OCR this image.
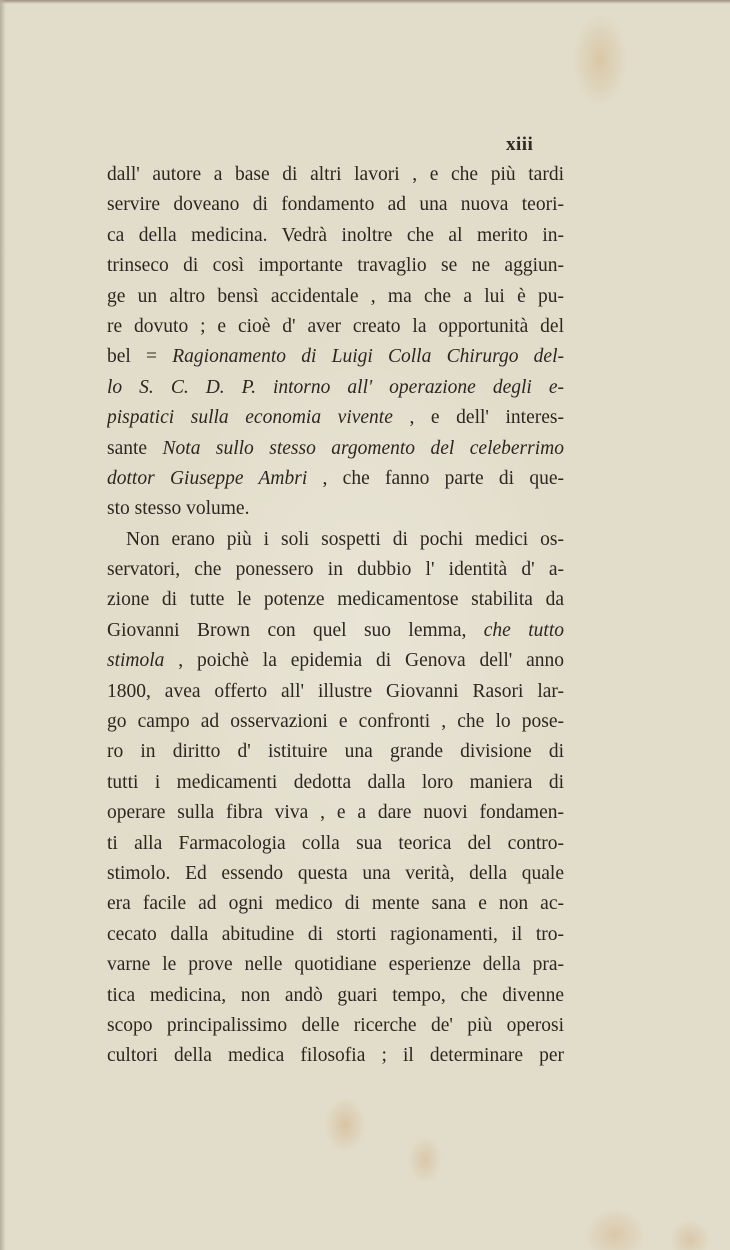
xiii
dall' autore a base di altri lavori , e che più tardi
servire doveano di fondamento ad una nuova teori-
ca della medicina. Vedrà inoltre che al merito in-
trinseco di così importante travaglio se ne aggiun-
ge un altro bensì accidentale , ma che a lui è pu-
re dovuto ; e cioè d' aver creato la opportunità del
bel = Ragionamento di Luigi Colla Chirurgo del-
lo S. C. D. P. intorno all' operazione degli e-
pispatici sulla economia vivente , e dell' interes-
sante Nota sullo stesso argomento del celeberrimo
dottor Giuseppe Ambri , che fanno parte di que-
sto stesso volume.
Non erano più i soli sospetti di pochi medici os-
servatori, che ponessero in dubbio l' identità d' a-
zione di tutte le potenze medicamentose stabilita da
Giovanni Brown con quel suo lemma, che tutto
stimola , poichè la epidemia di Genova dell' anno
1800, avea offerto all' illustre Giovanni Rasori lar-
go campo ad osservazioni e confronti , che lo pose-
ro in diritto d' istituire una grande divisione di
tutti i medicamenti dedotta dalla loro maniera di
operare sulla fibra viva , e a dare nuovi fondamen-
ti alla Farmacologia colla sua teorica del contro-
stimolo. Ed essendo questa una verità, della quale
era facile ad ogni medico di mente sana e non ac-
cecato dalla abitudine di storti ragionamenti, il tro-
varne le prove nelle quotidiane esperienze della pra-
tica medicina, non andò guari tempo, che divenne
scopo principalissimo delle ricerche de' più operosi
cultori della medica filosofia ; il determinare per
